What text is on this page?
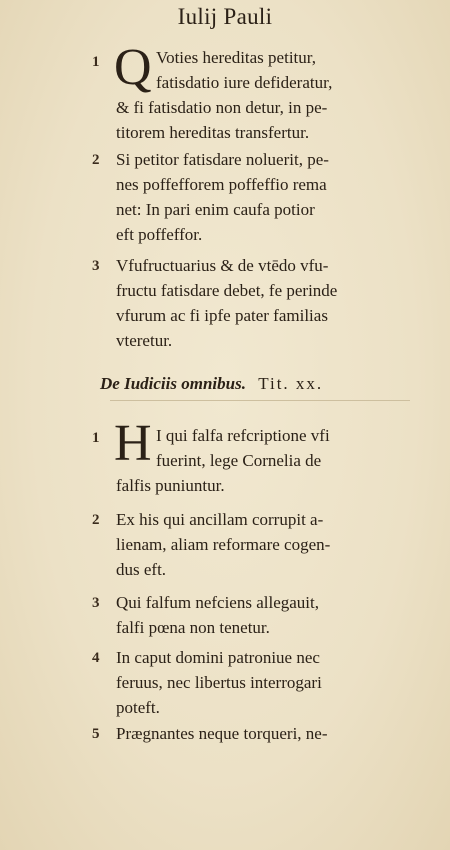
Iulij Pauli
1 Q Voties hereditas petitur,
fatisdatio iure defideratur,
& fi fatisdatio non detur, in pe-
titorem hereditas transfertur.
2 Si petitor fatisdare noluerit, pe-
nes poffefforem poffeffio rema
net: In pari enim caufa potior
eft poffeffor.
3 Vfufructuarius & de vtēdo vfu-
fructu fatisdare debet, fe perinde
vfurum ac fi ipfe pater familias
vteretur.
De Iudiciis omnibus. Tit. xx.
1 H I qui falfa refcriptione vfi
fuerint, lege Cornelia de
falfis puniuntur.
2 Ex his qui ancillam corrupit a-
lienam, aliam reformare cogen-
dus eft.
3 Qui falfum nefciens allegauit,
falfi pœna non tenetur.
4 In caput domini patroniue nec
feruus, nec libertus interrogari
poteft.
5 Prægnantes neque torqueri, ne-
